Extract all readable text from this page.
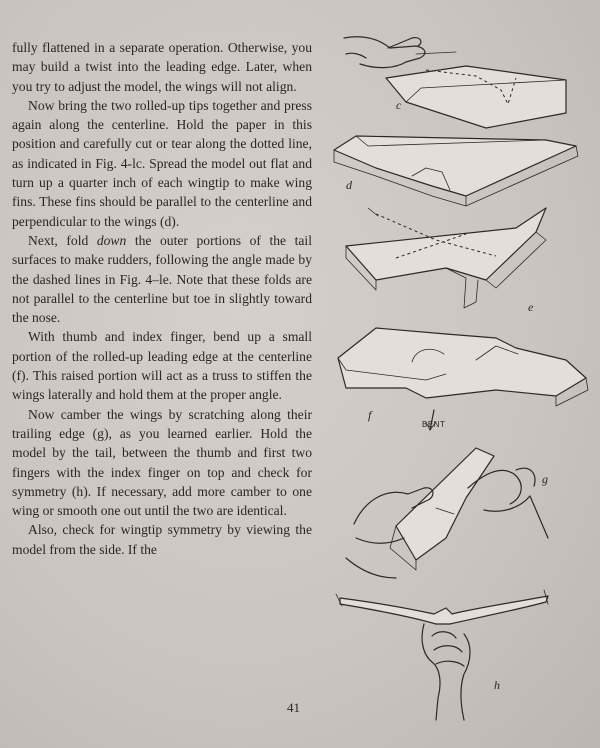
fully flattened in a separate operation. Otherwise, you may build a twist into the leading edge. Later, when you try to adjust the model, the wings will not align.

Now bring the two rolled-up tips together and press again along the centerline. Hold the paper in this position and carefully cut or tear along the dotted line, as indicated in Fig. 4-lc. Spread the model out flat and turn up a quarter inch of each wingtip to make wing fins. These fins should be parallel to the centerline and perpendicular to the wings (d).

Next, fold down the outer portions of the tail surfaces to make rudders, following the angle made by the dashed lines in Fig. 4–le. Note that these folds are not parallel to the centerline but toe in slightly toward the nose.

With thumb and index finger, bend up a small portion of the rolled-up leading edge at the centerline (f). This raised portion will act as a truss to stiffen the wings laterally and hold them at the proper angle.

Now camber the wings by scratching along their trailing edge (g), as you learned earlier. Hold the model by the tail, between the thumb and first two fingers with the index finger on top and check for symmetry (h). If necessary, add more camber to one wing or smooth one out until the two are identical.

Also, check for wingtip symmetry by viewing the model from the side. If the

41
c
d
e
f
BENT
g
h
